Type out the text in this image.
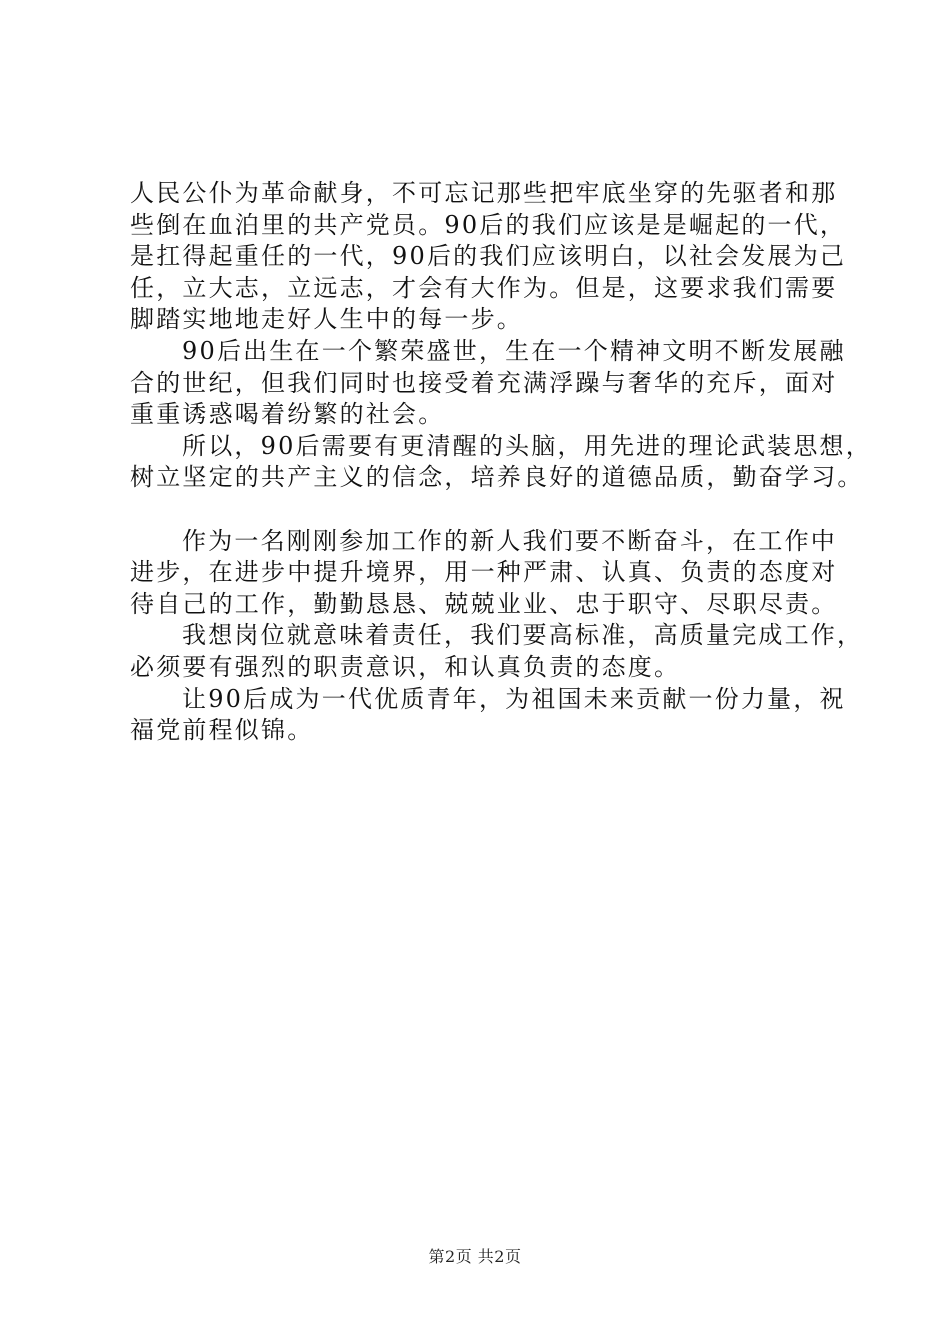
人民公仆为革命献身，不可忘记那些把牢底坐穿的先驱者和那
些倒在血泊里的共产党员。90后的我们应该是是崛起的一代，
是扛得起重任的一代，90后的我们应该明白，以社会发展为己
任，立大志，立远志，才会有大作为。但是，这要求我们需要
脚踏实地地走好人生中的每一步。
90后出生在一个繁荣盛世，生在一个精神文明不断发展融
合的世纪，但我们同时也接受着充满浮躁与奢华的充斥，面对
重重诱惑喝着纷繁的社会。
所以，90后需要有更清醒的头脑，用先进的理论武装思想，
树立坚定的共产主义的信念，培养良好的道德品质，勤奋学习。
作为一名刚刚参加工作的新人我们要不断奋斗，在工作中
进步，在进步中提升境界，用一种严肃、认真、负责的态度对
待自己的工作，勤勤恳恳、兢兢业业、忠于职守、尽职尽责。
我想岗位就意味着责任，我们要高标准，高质量完成工作，
必须要有强烈的职责意识，和认真负责的态度。
让90后成为一代优质青年，为祖国未来贡献一份力量，祝
福党前程似锦。
第2页 共2页
